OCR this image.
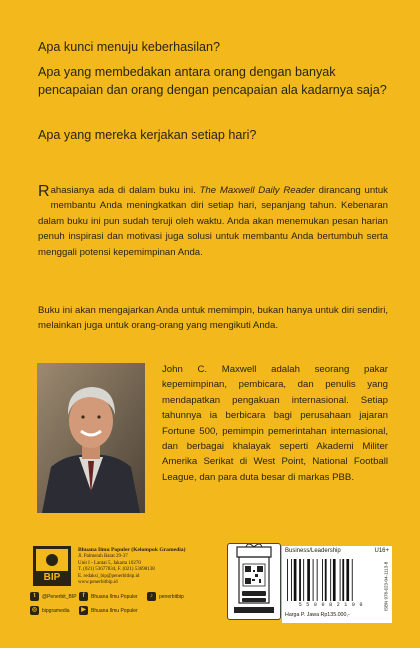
Apa kunci menuju keberhasilan?
Apa yang membedakan antara orang dengan banyak pencapaian dan orang dengan pencapaian ala kadarnya saja?
Apa yang mereka kerjakan setiap hari?
Rahasianya ada di dalam buku ini. The Maxwell Daily Reader dirancang untuk membantu Anda meningkatkan diri setiap hari, sepanjang tahun. Kebenaran dalam buku ini pun sudah teruji oleh waktu. Anda akan menemukan pesan harian penuh inspirasi dan motivasi juga solusi untuk membantu Anda bertumbuh serta menggali potensi kepemimpinan Anda.
Buku ini akan mengajarkan Anda untuk memimpin, bukan hanya untuk diri sendiri, melainkan juga untuk orang-orang yang mengikuti Anda.
John C. Maxwell adalah seorang pakar kepemimpinan, pembicara, dan penulis yang mendapatkan pengakuan internasional. Setiap tahunnya ia berbicara bagi perusahaan jajaran Fortune 500, pemimpin pemerintahan internasional, dan berbagai khalayak seperti Akademi Militer Amerika Serikat di West Point, National Football League, dan para duta besar di markas PBB.
BIP
Bhuana Ilmu Populer (Kelompok Gramedia)
Jl. Palmerah Barat 29-37
Unit I - Lantai 5, Jakarta 10270
T. (021) 53677834, F. (021) 53698138
E. redaksi_bip@penerbitbip.id
www.penerbitbip.id
t	@Penerbit_BIP f	Bhuana Ilmu Populer	♪	penerbitbip
◎ bipgramedia	▶	Bhuana Ilmu Populer
Business/Leadership	U16+
5 5 0 0 8 2 1 0 0
Harga P. Jawa Rp135.000,-
ISBN 978-623-04-1113-8
